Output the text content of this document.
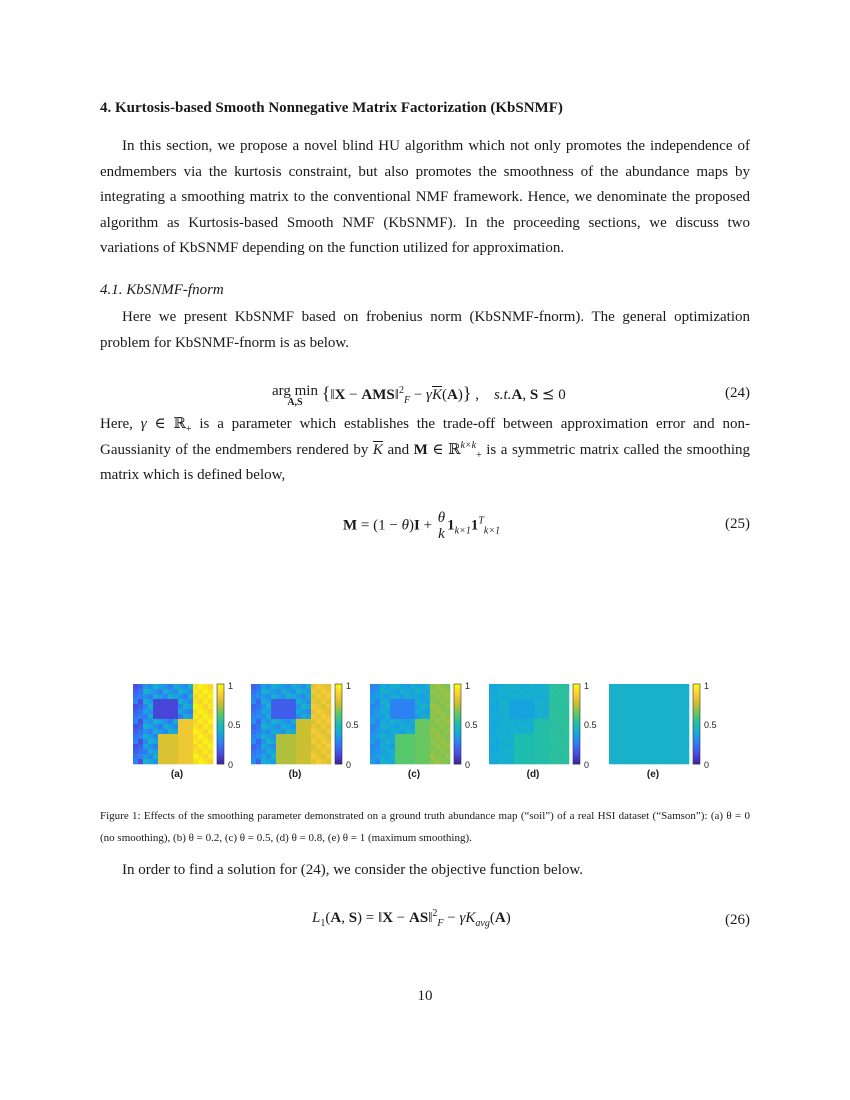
4. Kurtosis-based Smooth Nonnegative Matrix Factorization (KbSNMF)

In this section, we propose a novel blind HU algorithm which not only promotes the independence of endmembers via the kurtosis constraint, but also promotes the smoothness of the abundance maps by integrating a smoothing matrix to the conventional NMF framework. Hence, we denominate the proposed algorithm as Kurtosis-based Smooth NMF (KbSNMF). In the proceeding sections, we discuss two variations of KbSNMF depending on the function utilized for approximation.

4.1. KbSNMF-fnorm

Here we present KbSNMF based on frobenius norm (KbSNMF-fnorm). The general optimization problem for KbSNMF-fnorm is as below.

arg min
A,S	{‖X − AMS‖$^2_F$ − $\gamma\overline{K}(A)$} ,    s.t.A, S ⪯ 0	(24)

Here, γ ∈ ℝ$_+$ is a parameter which establishes the trade-off between approximation error and non-Gaussianity of the endmembers rendered by $\overline{K}$ and M ∈ ℝ$^{k\times k}_+$ is a symmetric matrix called the smoothing matrix which is defined below,

M = (1 − θ)I + θ
k
$1_{k\times 1}1^T_{k\times 1}$	(25)
1
0.5
0
(a)
1
0.5
0
(b)
1
0.5
0
(c)
1
0.5
0
(d)
1
0.5
0
(e)
Figure 1: Effects of the smoothing parameter demonstrated on a ground truth abundance map (“soil”) of a real HSI dataset (“Samson”): (a) θ = 0 (no smoothing), (b) θ = 0.2, (c) θ = 0.5, (d) θ = 0.8, (e) θ = 1 (maximum smoothing).

In order to find a solution for (24), we consider the objective function below.

$L_1(A$, S) = ‖X − AS‖$^2_F$ − $\gamma K_{avg}(A)$	(26)
10
